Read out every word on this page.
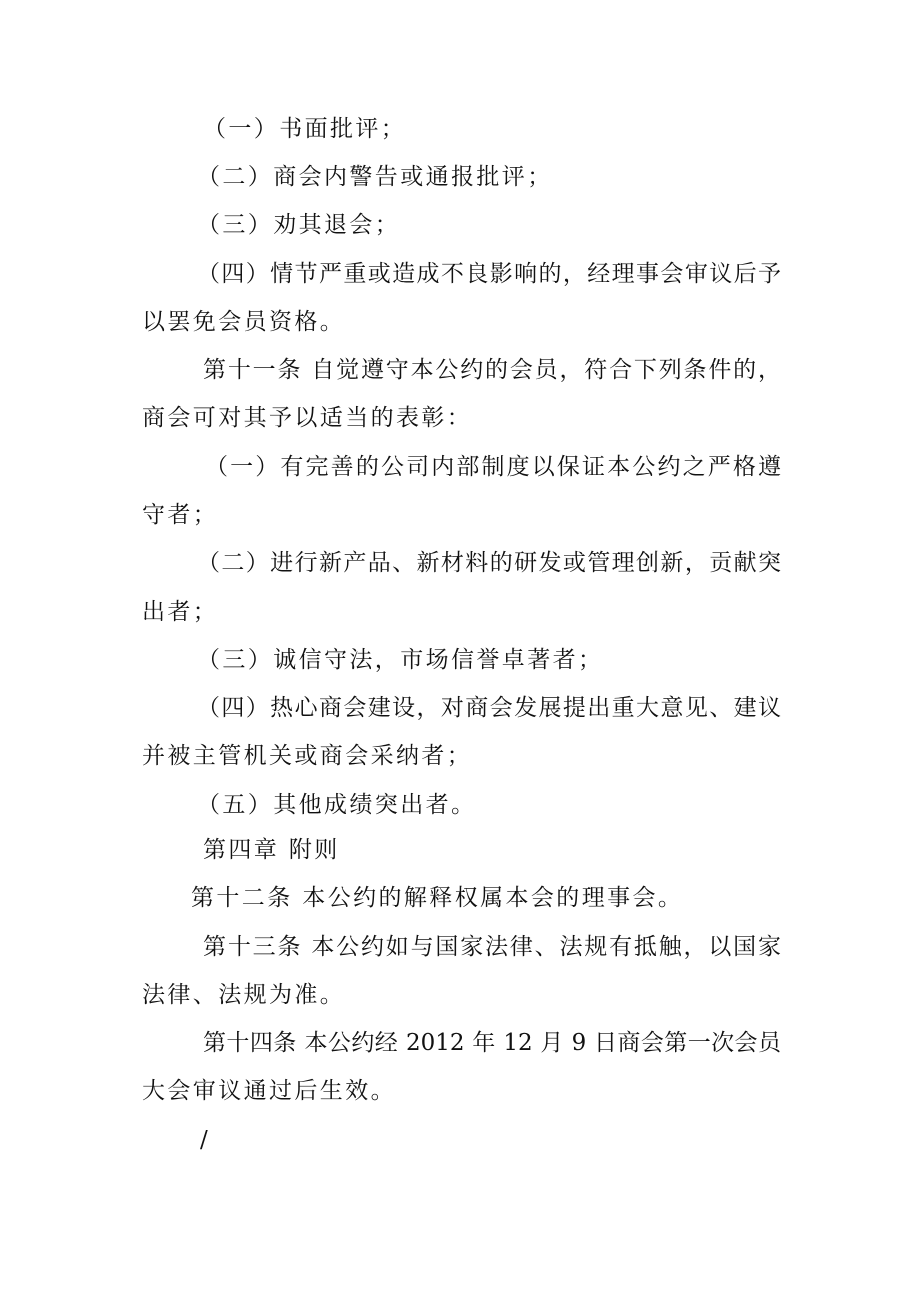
（一）书面批评；
（二）商会内警告或通报批评；
（三）劝其退会；
（四）情节严重或造成不良影响的，经理事会审议后予
以罢免会员资格。
第十一条 自觉遵守本公约的会员，符合下列条件的，
商会可对其予以适当的表彰：
（一）有完善的公司内部制度以保证本公约之严格遵
守者；
（二）进行新产品、新材料的研发或管理创新，贡献突
出者；
（三）诚信守法，市场信誉卓著者；
（四）热心商会建设，对商会发展提出重大意见、建议
并被主管机关或商会采纳者；
（五）其他成绩突出者。
第四章 附则
第十二条 本公约的解释权属本会的理事会。
第十三条 本公约如与国家法律、法规有抵触，以国家
法律、法规为准。
第十四条 本公约经 2012 年 12 月 9 日商会第一次会员
大会审议通过后生效。
/
